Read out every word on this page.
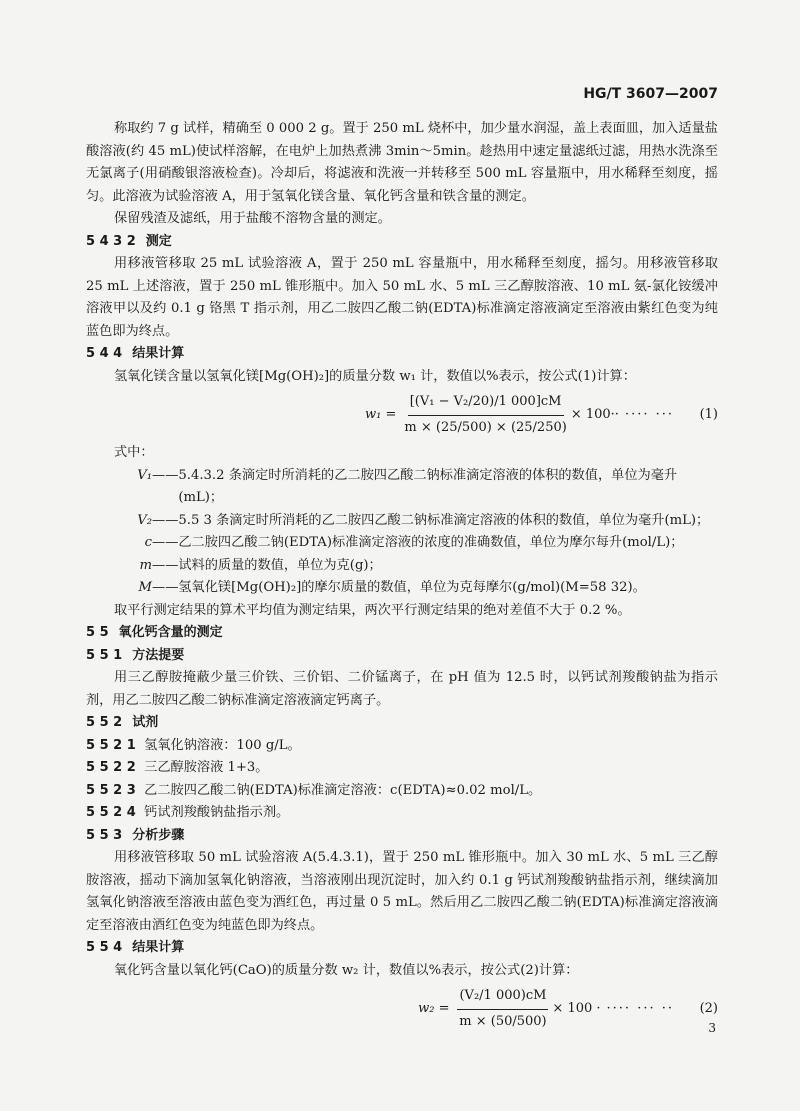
HG/T 3607—2007

称取约 7 g 试样，精确至 0 000 2 g。置于 250 mL 烧杯中，加少量水润湿，盖上表面皿，加入适量盐酸溶液(约 45 mL)使试样溶解，在电炉上加热煮沸 3min～5min。趁热用中速定量滤纸过滤，用热水洗涤至无氯离子(用硝酸银溶液检查)。冷却后，将滤液和洗液一并转移至 500 mL 容量瓶中，用水稀释至刻度，摇匀。此溶液为试验溶液 A，用于氢氧化镁含量、氧化钙含量和铁含量的测定。

保留残渣及滤纸，用于盐酸不溶物含量的测定。

5 4 3 2 测定

用移液管移取 25 mL 试验溶液 A，置于 250 mL 容量瓶中，用水稀释至刻度，摇匀。用移液管移取 25 mL 上述溶液，置于 250 mL 锥形瓶中。加入 50 mL 水、5 mL 三乙醇胺溶液、10 mL 氨-氯化铵缓冲溶液甲以及约 0.1 g 铬黑 T 指示剂，用乙二胺四乙酸二钠(EDTA)标准滴定溶液滴定至溶液由紫红色变为纯蓝色即为终点。

5 4 4 结果计算

氢氧化镁含量以氢氧化镁[Mg(OH)₂]的质量分数 w₁ 计，数值以%表示，按公式(1)计算：

$w_1 = \frac{\text{[(V₁ − V₂/20)/1 000]cM}}{m \times (25/500) \times (25/250)} \times 100\cdot\cdot$ ···· ···	(1)

式中：

V₁ —— 5.4.3.2 条滴定时所消耗的乙二胺四乙酸二钠标准滴定溶液的体积的数值，单位为毫升(mL)；
V₂ —— 5.5 3 条滴定时所消耗的乙二胺四乙酸二钠标准滴定溶液的体积的数值，单位为毫升(mL)；
c —— 乙二胺四乙酸二钠(EDTA)标准滴定溶液的浓度的准确数值，单位为摩尔每升(mol/L)；
m —— 试料的质量的数值，单位为克(g)；
M —— 氢氧化镁[Mg(OH)₂]的摩尔质量的数值，单位为克每摩尔(g/mol)(M=58 32)。

取平行测定结果的算术平均值为测定结果，两次平行测定结果的绝对差值不大于 0.2 %。

5 5 氧化钙含量的测定

5 5 1 方法提要

用三乙醇胺掩蔽少量三价铁、三价铝、二价锰离子，在 pH 值为 12.5 时，以钙试剂羧酸钠盐为指示剂，用乙二胺四乙酸二钠标准滴定溶液滴定钙离子。

5 5 2 试剂

5 5 2 1 氢氧化钠溶液：100 g/L。

5 5 2 2 三乙醇胺溶液 1+3。

5 5 2 3 乙二胺四乙酸二钠(EDTA)标准滴定溶液：c(EDTA)≈0.02 mol/L。

5 5 2 4 钙试剂羧酸钠盐指示剂。

5 5 3 分析步骤

用移液管移取 50 mL 试验溶液 A(5.4.3.1)，置于 250 mL 锥形瓶中。加入 30 mL 水、5 mL 三乙醇胺溶液，摇动下滴加氢氧化钠溶液，当溶液刚出现沉淀时，加入约 0.1 g 钙试剂羧酸钠盐指示剂，继续滴加氢氧化钠溶液至溶液由蓝色变为酒红色，再过量 0 5 mL。然后用乙二胺四乙酸二钠(EDTA)标准滴定溶液滴定至溶液由酒红色变为纯蓝色即为终点。

5 5 4 结果计算

氧化钙含量以氧化钙(CaO)的质量分数 w₂ 计，数值以%表示，按公式(2)计算：

$w_2 = \frac{\text{(V₂/1 000)cM}}{m \times (50/500)} \times 100$ · ···· ··· ··	(2)
3
